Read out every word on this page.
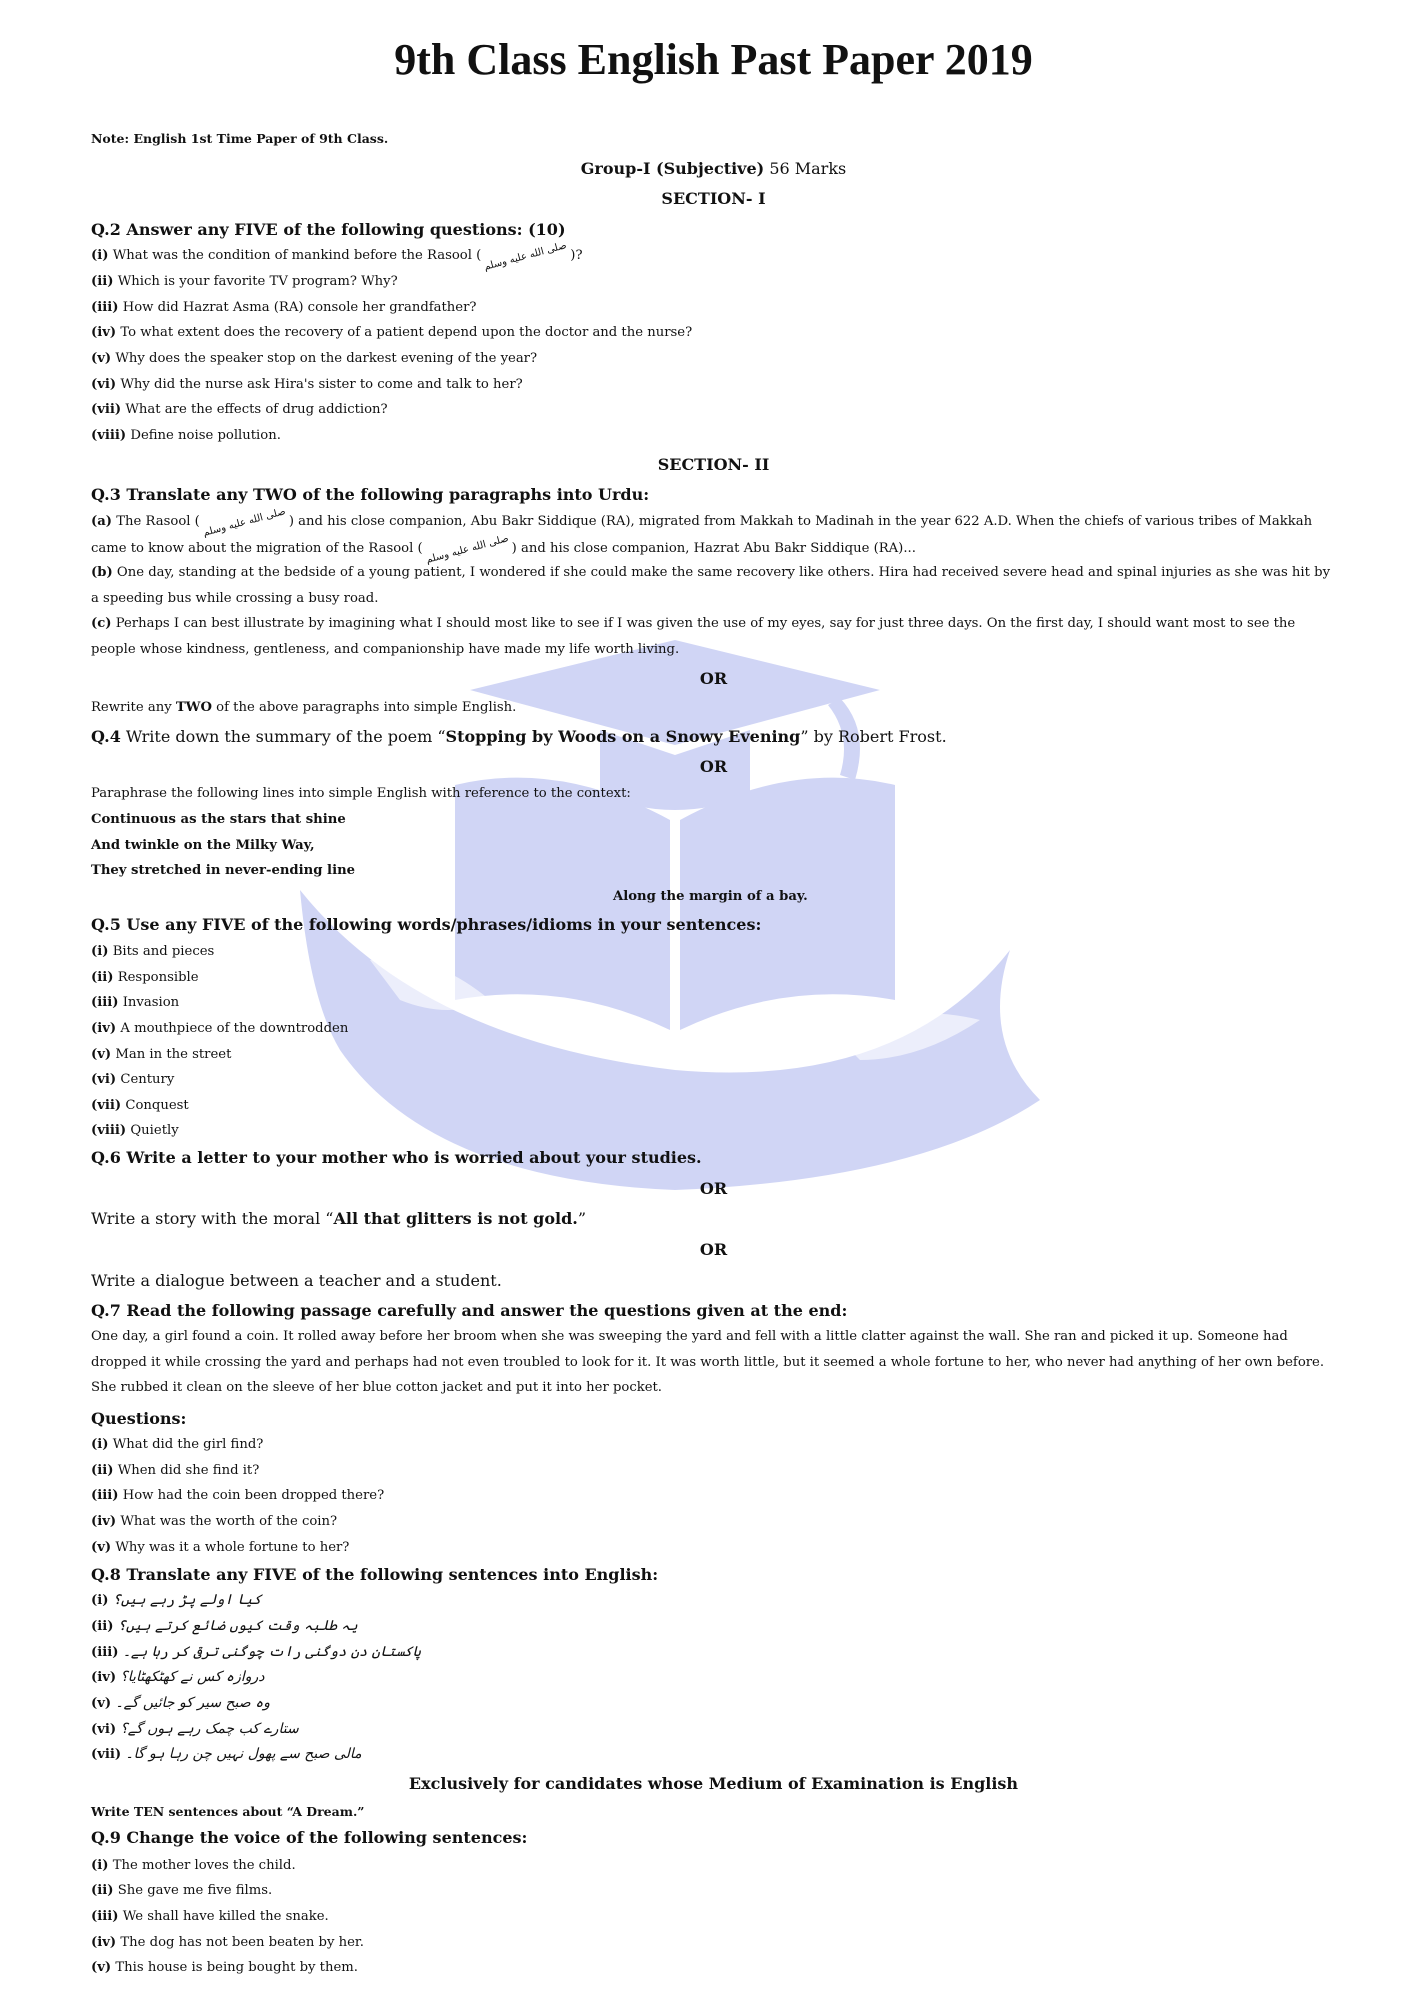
9th Class English Past Paper 2019
Note: English 1st Time Paper of 9th Class.
Group-I (Subjective) 56 Marks
SECTION- I
Q.2 Answer any FIVE of the following questions: (10)
(i) What was the condition of mankind before the Rasool ( صلى الله عليه وسلم )?
(ii) Which is your favorite TV program? Why?
(iii) How did Hazrat Asma (RA) console her grandfather?
(iv) To what extent does the recovery of a patient depend upon the doctor and the nurse?
(v) Why does the speaker stop on the darkest evening of the year?
(vi) Why did the nurse ask Hira's sister to come and talk to her?
(vii) What are the effects of drug addiction?
(viii) Define noise pollution.
SECTION- II
Q.3 Translate any TWO of the following paragraphs into Urdu:
(a) The Rasool ( صلى الله عليه وسلم ) and his close companion, Abu Bakr Siddique (RA), migrated from Makkah to Madinah in the year 622 A.D. When the chiefs of various tribes of Makkah came to know about the migration of the Rasool ( صلى الله عليه وسلم ) and his close companion, Hazrat Abu Bakr Siddique (RA)...
(b) One day, standing at the bedside of a young patient, I wondered if she could make the same recovery like others. Hira had received severe head and spinal injuries as she was hit by a speeding bus while crossing a busy road.
(c) Perhaps I can best illustrate by imagining what I should most like to see if I was given the use of my eyes, say for just three days. On the first day, I should want most to see the people whose kindness, gentleness, and companionship have made my life worth living.
OR
Rewrite any TWO of the above paragraphs into simple English.
Q.4 Write down the summary of the poem “Stopping by Woods on a Snowy Evening” by Robert Frost.
OR
Paraphrase the following lines into simple English with reference to the context:
Continuous as the stars that shine
And twinkle on the Milky Way,
They stretched in never-ending line
Along the margin of a bay.
Q.5 Use any FIVE of the following words/phrases/idioms in your sentences:
(i) Bits and pieces
(ii) Responsible
(iii) Invasion
(iv) A mouthpiece of the downtrodden
(v) Man in the street
(vi) Century
(vii) Conquest
(viii) Quietly
Q.6 Write a letter to your mother who is worried about your studies.
OR
Write a story with the moral “All that glitters is not gold.”
OR
Write a dialogue between a teacher and a student.
Q.7 Read the following passage carefully and answer the questions given at the end:
One day, a girl found a coin. It rolled away before her broom when she was sweeping the yard and fell with a little clatter against the wall. She ran and picked it up. Someone had dropped it while crossing the yard and perhaps had not even troubled to look for it. It was worth little, but it seemed a whole fortune to her, who never had anything of her own before. She rubbed it clean on the sleeve of her blue cotton jacket and put it into her pocket.
Questions:
(i) What did the girl find?
(ii) When did she find it?
(iii) How had the coin been dropped there?
(iv) What was the worth of the coin?
(v) Why was it a whole fortune to her?
Q.8 Translate any FIVE of the following sentences into English:
(i) کیا اولے پڑ رہے ہیں؟
(ii) یہ طلبہ وقت کیوں ضائع کرتے ہیں؟
(iii) پاکستان دن دوگنی رات چوگنی ترقی کر رہا ہے۔
(iv) دروازہ کس نے کھٹکھٹایا؟
(v) وہ صبح سیر کو جائیں گے۔
(vi) ستارے کب چمک رہے ہوں گے؟
(vii) مالی صبح سے پھول نہیں چن رہا ہو گا۔
Exclusively for candidates whose Medium of Examination is English
Write TEN sentences about “A Dream.”
Q.9 Change the voice of the following sentences:
(i) The mother loves the child.
(ii) She gave me five films.
(iii) We shall have killed the snake.
(iv) The dog has not been beaten by her.
(v) This house is being bought by them.
